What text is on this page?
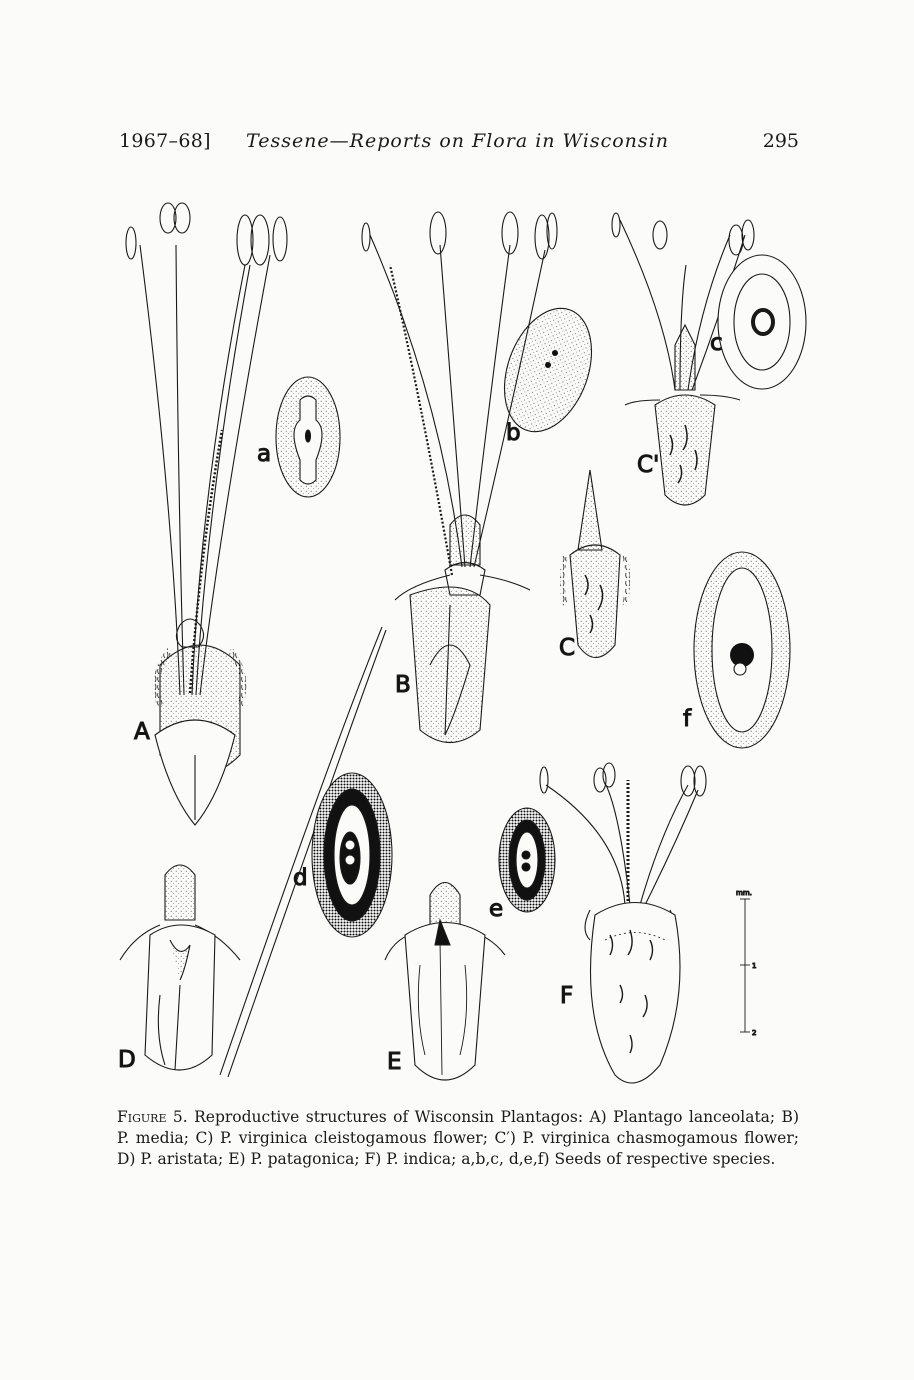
1967–68] Tessene—Reports on Flora in Wisconsin	295
A
a
B
b
C'
c
C
f
D
d
e
E
F
mm.
1
2
Figure 5. Reproductive structures of Wisconsin Plantagos: A) Plantago lanceolata; B) P. media; C) P. virginica cleistogamous flower; C′) P. virginica chasmogamous flower; D) P. aristata; E) P. patagonica; F) P. indica; a,b,c, d,e,f) Seeds of respective species.
